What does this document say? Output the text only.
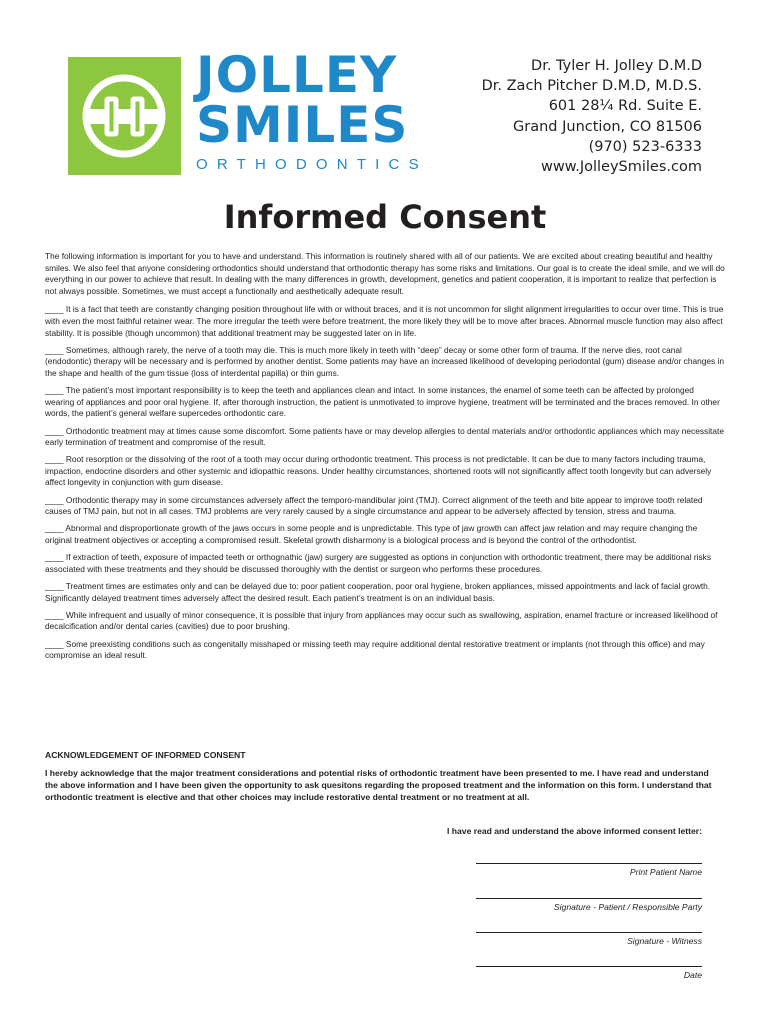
JOLLEY
SMILES
ORTHODONTICS
Dr. Tyler H. Jolley D.M.D
Dr. Zach Pitcher D.M.D, M.D.S.
601 28¼ Rd. Suite E.
Grand Junction, CO 81506
(970) 523-6333
www.JolleySmiles.com
Informed Consent

The following information is important for you to have and understand. This information is routinely shared with all of our patients. We are excited about creating beautiful and healthy smiles. We also feel that anyone considering orthodontics should understand that orthodontic therapy has some risks and limitations. Our goal is to create the ideal smile, and we will do everything in our power to achieve that result. In dealing with the many differences in growth, development, genetics and patient cooperation, it is important to realize that perfection is not always possible. Sometimes, we must accept a functionally and aesthetically adequate result.

____ It is a fact that teeth are constantly changing position throughout life with or without braces, and it is not uncommon for slight alignment irregularities to occur over time. This is true with even the most faithful retainer wear. The more irregular the teeth were before treatment, the more likely they will be to move after braces. Abnormal muscle function may also affect stability. It is possible (though uncommon) that additional treatment may be suggested later on in life.

____ Sometimes, although rarely, the nerve of a tooth may die. This is much more likely in teeth with “deep” decay or some other form of trauma. If the nerve dies, root canal (endodontic) therapy will be necessary and is performed by another dentist. Some patients may have an increased likelihood of developing periodontal (gum) disease and/or changes in the shape and health of the gum tissue (loss of interdental papilla) or thin gums.

____ The patient’s most important responsibility is to keep the teeth and appliances clean and intact. In some instances, the enamel of some teeth can be affected by prolonged wearing of appliances and poor oral hygiene. If, after thorough instruction, the patient is unmotivated to improve hygiene, treatment will be terminated and the braces removed. In other words, the patient’s general welfare supercedes orthodontic care.

____ Orthodontic treatment may at times cause some discomfort. Some patients have or may develop allergies to dental materials and/or orthodontic appliances which may necessitate early termination of treatment and compromise of the result.

____ Root resorption or the dissolving of the root of a tooth may occur during orthodontic treatment. This process is not predictable. It can be due to many factors including trauma, impaction, endocrine disorders and other systemic and idiopathic reasons. Under healthy circumstances, shortened roots will not significantly affect tooth longevity but can adversely affect longevity in conjunction with gum disease.

____ Orthodontic therapy may in some circumstances adversely affect the temporo-mandibular joint (TMJ). Correct alignment of the teeth and bite appear to improve tooth related causes of TMJ pain, but not in all cases. TMJ problems are very rarely caused by a single circumstance and appear to be adversely affected by tension, stress and trauma.

____ Abnormal and disproportionate growth of the jaws occurs in some people and is unpredictable. This type of jaw growth can affect jaw relation and may require changing the original treatment objectives or accepting a compromised result. Skeletal growth disharmony is a biological process and is beyond the control of the orthodontist.

____ If extraction of teeth, exposure of impacted teeth or orthognathic (jaw) surgery are suggested as options in conjunction with orthodontic treatment, there may be additional risks associated with these treatments and they should be discussed thoroughly with the dentist or surgeon who performs these procedures.

____ Treatment times are estimates only and can be delayed due to: poor patient cooperation, poor oral hygiene, broken appliances, missed appointments and lack of facial growth. Significantly delayed treatment times adversely affect the desired result. Each patient’s treatment is on an individual basis.

____ While infrequent and usually of minor consequence, it is possible that injury from appliances may occur such as swallowing, aspiration, enamel fracture or increased likelihood of decalcification and/or dental caries (cavities) due to poor brushing.

____ Some preexisting conditions such as congenitally misshaped or missing teeth may require additional dental restorative treatment or implants (not through this office) and may compromise an ideal result.

ACKNOWLEDGEMENT OF INFORMED CONSENT
I hereby acknowledge that the major treatment considerations and potential risks of orthodontic treatment have been presented to me. I have read and understand the above information and I have been given the opportunity to ask quesitons regarding the proposed treatment and the information on this form. I understand that orthodontic treatment is elective and that other choices may include restorative dental treatment or no treatment at all.
I have read and understand the above informed consent letter:
Print Patient Name
Signature - Patient / Responsible Party
Signature - Witness
Date
